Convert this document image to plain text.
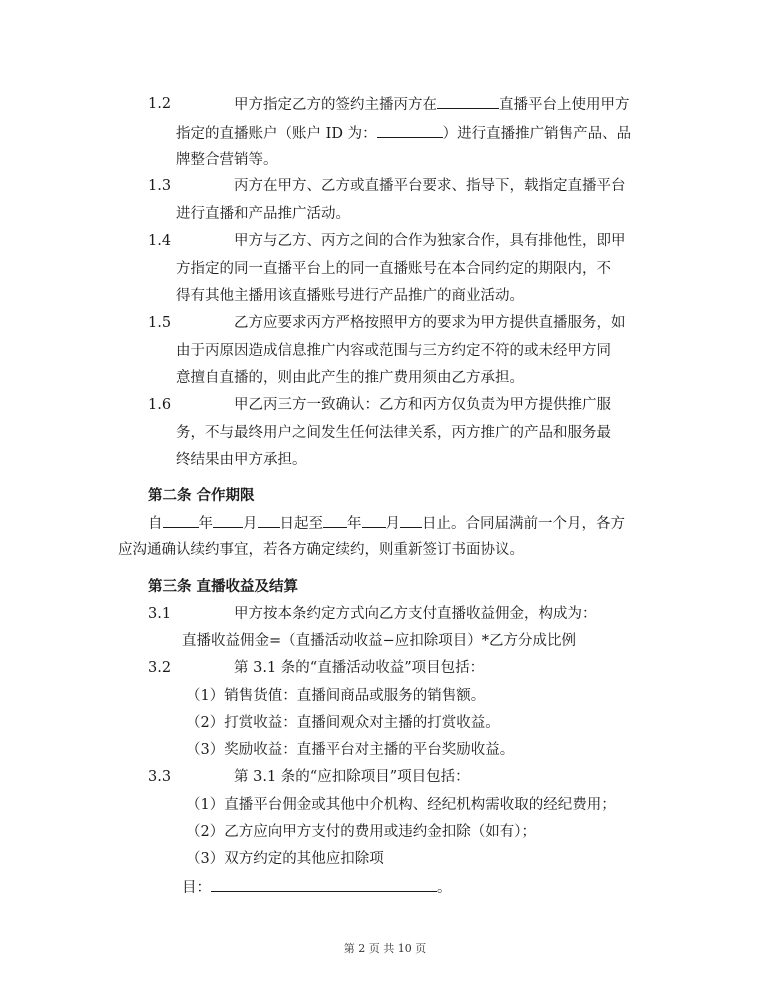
1.2	甲方指定乙方的签约主播丙方在	直播平台上使用甲方
指定的直播账户（账户 ID 为：	）进行直播推广销售产品、品
牌整合营销等。
1.3	丙方在甲方、乙方或直播平台要求、指导下，载指定直播平台
进行直播和产品推广活动。
1.4	甲方与乙方、丙方之间的合作为独家合作，具有排他性，即甲
方指定的同一直播平台上的同一直播账号在本合同约定的期限内，不
得有其他主播用该直播账号进行产品推广的商业活动。
1.5	乙方应要求丙方严格按照甲方的要求为甲方提供直播服务，如
由于丙原因造成信息推广内容或范围与三方约定不符的或未经甲方同
意擅自直播的，则由此产生的推广费用须由乙方承担。
1.6	甲乙丙三方一致确认：乙方和丙方仅负责为甲方提供推广服
务，不与最终用户之间发生任何法律关系，丙方推广的产品和服务最
终结果由甲方承担。
第二条 合作期限
自 年 月 日起至 年 月 日止。合同届满前一个月，各方
应沟通确认续约事宜，若各方确定续约，则重新签订书面协议。
第三条 直播收益及结算
3.1	甲方按本条约定方式向乙方支付直播收益佣金，构成为：
直播收益佣金=（直播活动收益−应扣除项目）*乙方分成比例
3.2	第 3.1 条的“直播活动收益”项目包括：
（1）销售货值：直播间商品或服务的销售额。
（2）打赏收益：直播间观众对主播的打赏收益。
（3）奖励收益：直播平台对主播的平台奖励收益。
3.3	第 3.1 条的“应扣除项目”项目包括：
（1）直播平台佣金或其他中介机构、经纪机构需收取的经纪费用；
（2）乙方应向甲方支付的费用或违约金扣除（如有）；
（3）双方约定的其他应扣除项
目：	。
第 2 页 共 10 页
